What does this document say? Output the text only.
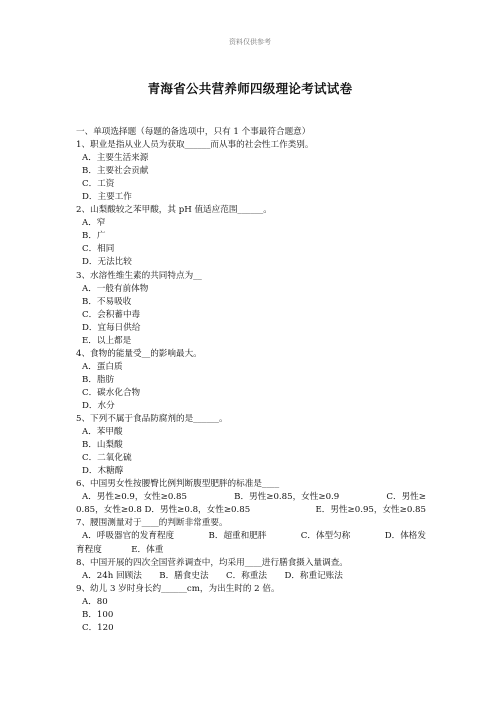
资料仅供参考
青海省公共营养师四级理论考试试卷
一、单项选择题（每题的备选项中，只有 1 个事最符合题意）
1、职业是指从业人员为获取______而从事的社会性工作类别。
A．主要生活来源
B．主要社会贡献
C．工资
D．主要工作
2、山梨酸较之苯甲酸，其 pH 值适应范围______。
A．窄
B．广
C．相同
D．无法比较
3、水溶性维生素的共同特点为__
A．一般有前体物
B．不易吸收
C．会积蓄中毒
D．宜每日供给
E．以上都是
4、食物的能量受__的影响最大。
A．蛋白质
B．脂肪
C．碳水化合物
D．水分
5、下列不属于食品防腐剂的是______。
A．苯甲酸
B．山梨酸
C．二氧化硫
D．木糖醇
6、中国男女性按腰臀比例判断腹型肥胖的标准是____
A．男性≥0.9，女性≥0.85	B．男性≥0.85，女性≥0.9	C．男性≥
0.85，女性≥0.8 D．男性≥0.8，女性≥0.85	E．男性≥0.95，女性≥0.85
7、腰围测量对于____的判断非常重要。
A．呼吸器官的发育程度	B．超重和肥胖	C．体型匀称	D．体格发
育程度	E．体重
8、中国开展的四次全国营养调查中，均采用____进行膳食摄入量调查。
A．24h 回顾法 B．膳食史法 C．称重法 D．称重记账法
9、幼儿 3 岁时身长约______cm，为出生时的 2 倍。
A．80
B．100
C．120
